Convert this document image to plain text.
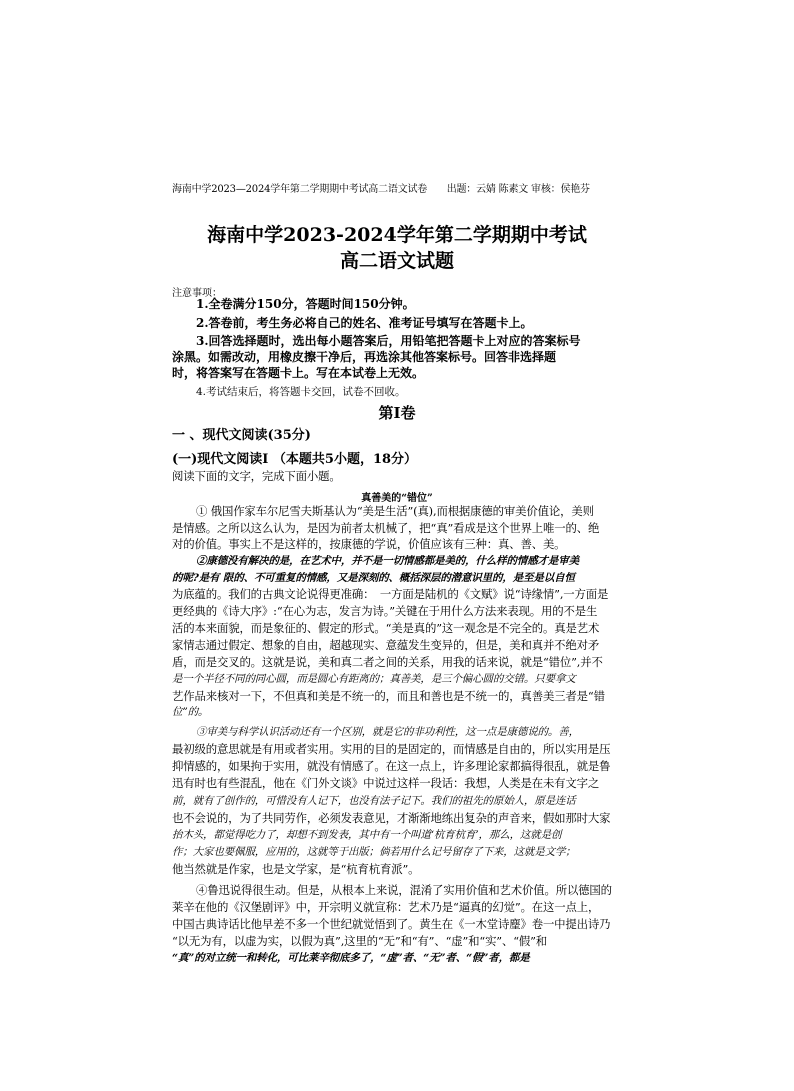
海南中学2023—2024学年第二学期期中考试高二语文试卷　　出题：云婧 陈素文 审核：侯艳芬
海南中学2023-2024学年第二学期期中考试
高二语文试题
注意事项：
1.全卷满分150分，答题时间150分钟。
2.答卷前，考生务必将自己的姓名、准考证号填写在答题卡上。
3.回答选择题时，选出每小题答案后，用铅笔把答题卡上对应的答案标号
涂黑。如需改动，用橡皮擦干净后，再选涂其他答案标号。回答非选择题
时，将答案写在答题卡上。写在本试卷上无效。
4.考试结束后，将答题卡交回，试卷不回收。
第I卷
一 、现代文阅读(35分)
(一)现代文阅读I （本题共5小题，18分）
阅读下面的文字，完成下面小题。
真善美的“错位”
① 俄国作家车尔尼雪夫斯基认为“美是生活”(真),而根据康德的审美价值论，美则
是情感。之所以这么认为，是因为前者太机械了，把“真”看成是这个世界上唯一的、绝
对的价值。事实上不是这样的，按康德的学说，价值应该有三种：真、善、美。
②康德没有解决的是，在艺术中，并不是一切情感都是美的，什么样的情感才是审美
的呢?是有 限的、不可重复的情感，又是深刻的、概括深层的潜意识里的，是至是以自恒
为底蕴的。我们的古典文论说得更准确：　一方面是陆机的《文赋》说“诗缘情”,一方面是
更经典的《诗大序》:“在心为志，发言为诗。”关键在于用什么方法来表现。用的不是生
活的本来面貌，而是象征的、假定的形式。“美是真的”这一观念是不完全的。真是艺术
家情志通过假定、想象的自由，超越现实、意蕴发生变异的，但是，美和真并不绝对矛
盾，而是交叉的。这就是说，美和真二者之间的关系，用我的话来说，就是“错位”,并不
是一个半径不同的同心圆，而是圆心有距离的；真善美，是三个偏心圆的交错。只要拿文
艺作品来核对一下，不但真和美是不统一的，而且和善也是不统一的，真善美三者是“错
位”的。
③审美与科学认识活动还有一个区别，就是它的非功利性，这一点是康德说的。善，
最初级的意思就是有用或者实用。实用的目的是固定的，而情感是自由的，所以实用是压
抑情感的，如果拘于实用，就没有情感了。在这一点上，许多理论家都搞得很乱，就是鲁
迅有时也有些混乱，他在《门外文谈》中说过这样一段话：我想，人类是在未有文字之
前，就有了创作的，可惜没有人记下，也没有法子记下。我们的祖先的原始人，原是连话
也不会说的，为了共同劳作，必须发表意见，才渐渐地练出复杂的声音来，假如那时大家
抬木头，都觉得吃力了，却想不到发表，其中有一个叫道‘杭育杭育’，那么，这就是创
作；大家也要佩服，应用的，这就等于出版；倘若用什么记号留存了下来，这就是文学；
他当然就是作家，也是文学家，是“杭育杭育派”。
④鲁迅说得很生动。但是，从根本上来说，混淆了实用价值和艺术价值。所以德国的
莱辛在他的《汉堡剧评》中，开宗明义就宣称：艺术乃是“逼真的幻觉”。在这一点上，
中国古典诗话比他早差不多一个世纪就觉悟到了。黄生在《一木堂诗麈》卷一中提出诗乃
“以无为有，以虚为实，以假为真”,这里的“无”和“有”、“虚”和“实”、“假”和
“真”的对立统一和转化，可比莱辛彻底多了，“虚”者、“无”者、“假”者，都是
